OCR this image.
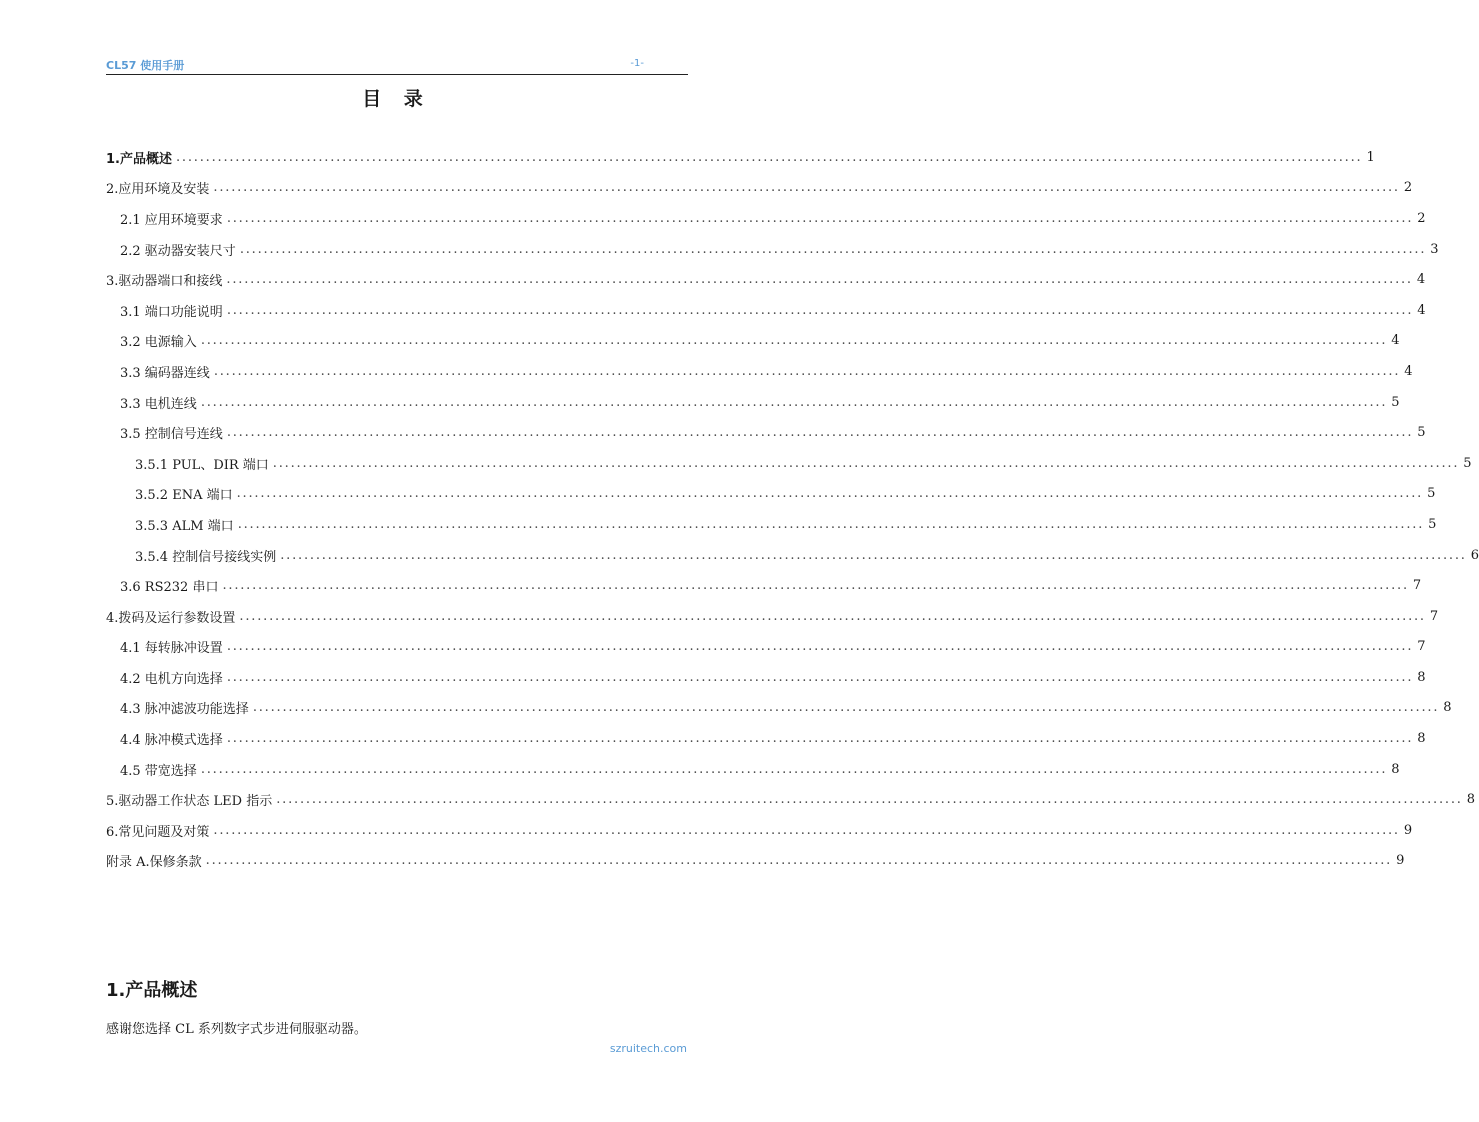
CL57 使用手册	-1-
目 录
1.产品概述 ........................................................................................................................................................................................................ 1
2.应用环境及安装 ........................................................................................................................................................................................................ 2
2.1 应用环境要求 ........................................................................................................................................................................................................ 2
2.2 驱动器安装尺寸 ........................................................................................................................................................................................................ 3
3.驱动器端口和接线 ........................................................................................................................................................................................................ 4
3.1 端口功能说明 ........................................................................................................................................................................................................ 4
3.2 电源输入 ........................................................................................................................................................................................................ 4
3.3 编码器连线 ........................................................................................................................................................................................................ 4
3.3 电机连线 ........................................................................................................................................................................................................ 5
3.5 控制信号连线 ........................................................................................................................................................................................................ 5
3.5.1 PUL、DIR 端口 ........................................................................................................................................................................................................ 5
3.5.2 ENA 端口 ........................................................................................................................................................................................................ 5
3.5.3 ALM 端口 ........................................................................................................................................................................................................ 5
3.5.4 控制信号接线实例 ........................................................................................................................................................................................................ 6
3.6 RS232 串口 ........................................................................................................................................................................................................ 7
4.拨码及运行参数设置 ........................................................................................................................................................................................................ 7
4.1 每转脉冲设置 ........................................................................................................................................................................................................ 7
4.2 电机方向选择 ........................................................................................................................................................................................................ 8
4.3 脉冲滤波功能选择 ........................................................................................................................................................................................................ 8
4.4 脉冲模式选择 ........................................................................................................................................................................................................ 8
4.5 带宽选择 ........................................................................................................................................................................................................ 8
5.驱动器工作状态 LED 指示 ........................................................................................................................................................................................................ 8
6.常见问题及对策 ........................................................................................................................................................................................................ 9
附录 A.保修条款 ........................................................................................................................................................................................................ 9
1.产品概述
感谢您选择 CL 系列数字式步进伺服驱动器。
szruitech.com
